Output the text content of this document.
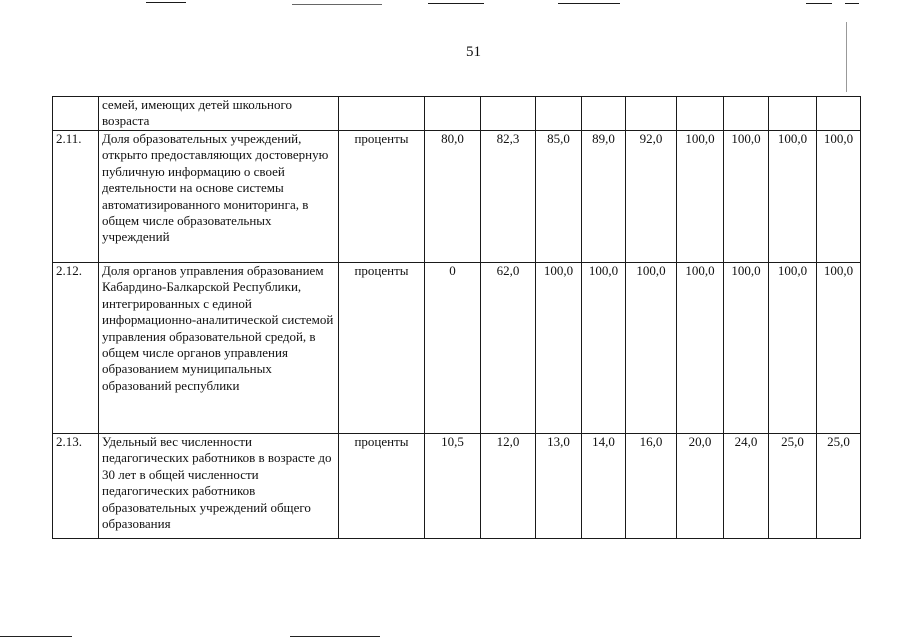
51
	семей, имеющих детей школьного возраста										
2.11.	Доля образовательных учреждений, открыто предоставляющих достоверную публичную информацию о своей деятельности на основе системы автоматизированного мониторинга, в общем числе образовательных учреждений	проценты	80,0	82,3	85,0	89,0	92,0	100,0	100,0	100,0	100,0
2.12.	Доля органов управления образованием Кабардино-Балкарской Республики, интегрированных с единой информационно-аналитической системой управления образовательной средой, в общем числе органов управления образованием муниципальных образований республики	проценты	0	62,0	100,0	100,0	100,0	100,0	100,0	100,0	100,0
2.13.	Удельный вес численности педагогических работников в возрасте до 30 лет в общей численности педагогических работников образовательных учреждений общего образования	проценты	10,5	12,0	13,0	14,0	16,0	20,0	24,0	25,0	25,0
